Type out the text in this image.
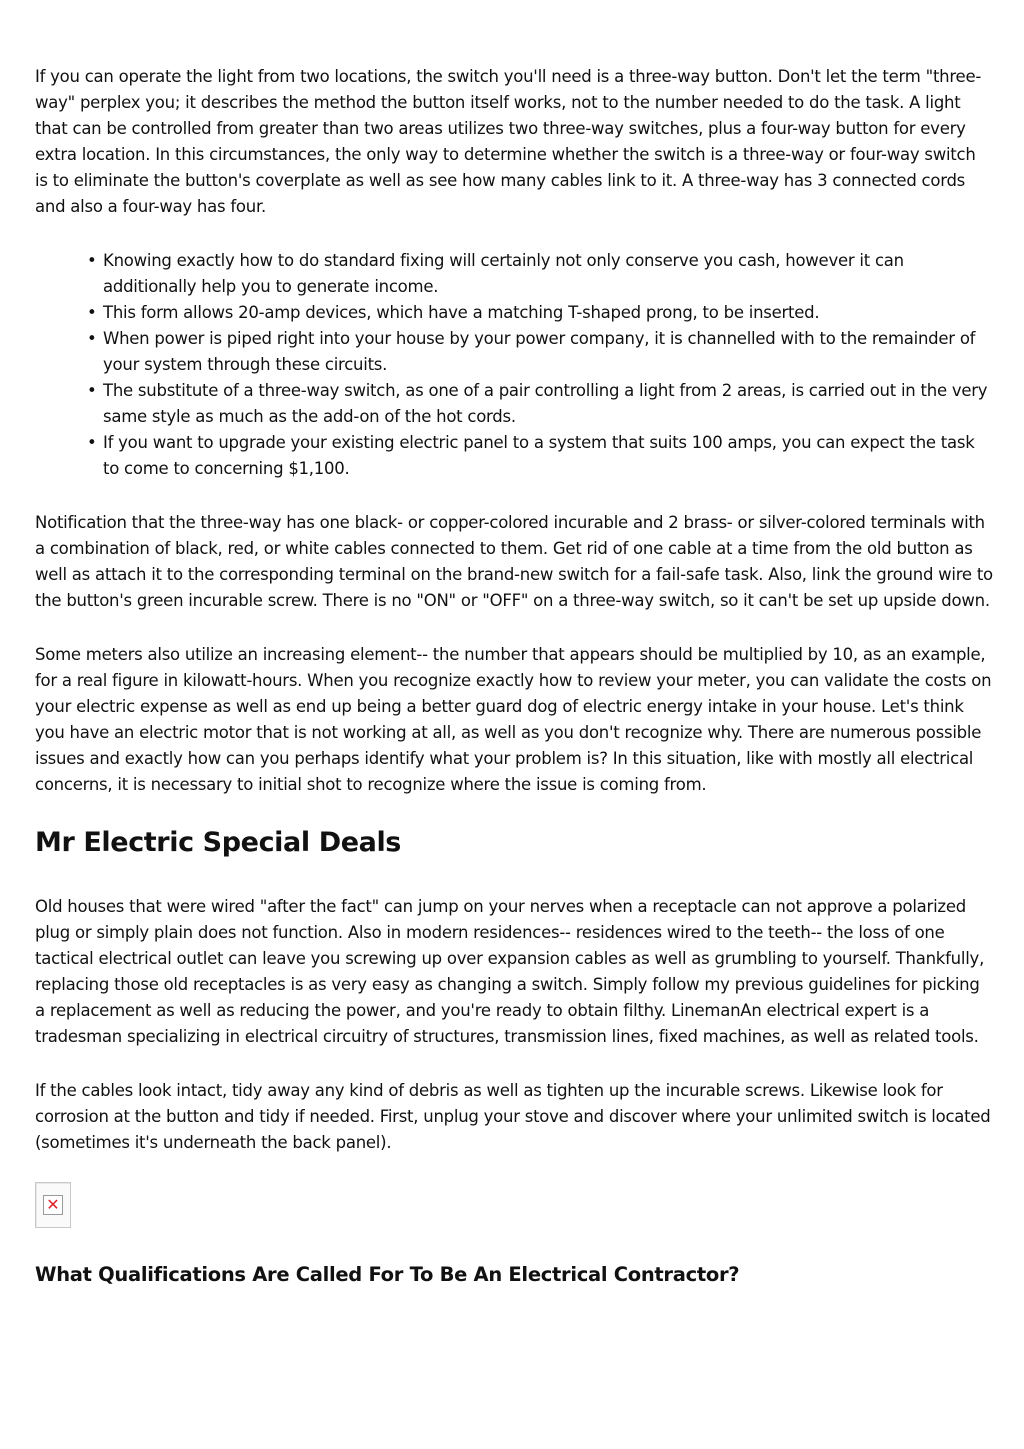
If you can operate the light from two locations, the switch you'll need is a three-way button. Don't let the term "three-way" perplex you; it describes the method the button itself works, not to the number needed to do the task. A light that can be controlled from greater than two areas utilizes two three-way switches, plus a four-way button for every extra location. In this circumstances, the only way to determine whether the switch is a three-way or four-way switch is to eliminate the button's coverplate as well as see how many cables link to it. A three-way has 3 connected cords and also a four-way has four.

• Knowing exactly how to do standard fixing will certainly not only conserve you cash, however it can additionally help you to generate income.
• This form allows 20-amp devices, which have a matching T-shaped prong, to be inserted.
• When power is piped right into your house by your power company, it is channelled with to the remainder of your system through these circuits.
• The substitute of a three-way switch, as one of a pair controlling a light from 2 areas, is carried out in the very same style as much as the add-on of the hot cords.
• If you want to upgrade your existing electric panel to a system that suits 100 amps, you can expect the task to come to concerning $1,100.

Notification that the three-way has one black- or copper-colored incurable and 2 brass- or silver-colored terminals with a combination of black, red, or white cables connected to them. Get rid of one cable at a time from the old button as well as attach it to the corresponding terminal on the brand-new switch for a fail-safe task. Also, link the ground wire to the button's green incurable screw. There is no "ON" or "OFF" on a three-way switch, so it can't be set up upside down.

Some meters also utilize an increasing element-- the number that appears should be multiplied by 10, as an example, for a real figure in kilowatt-hours. When you recognize exactly how to review your meter, you can validate the costs on your electric expense as well as end up being a better guard dog of electric energy intake in your house. Let's think you have an electric motor that is not working at all, as well as you don't recognize why. There are numerous possible issues and exactly how can you perhaps identify what your problem is? In this situation, like with mostly all electrical concerns, it is necessary to initial shot to recognize where the issue is coming from.

Mr Electric Special Deals

Old houses that were wired "after the fact" can jump on your nerves when a receptacle can not approve a polarized plug or simply plain does not function. Also in modern residences-- residences wired to the teeth-- the loss of one tactical electrical outlet can leave you screwing up over expansion cables as well as grumbling to yourself. Thankfully, replacing those old receptacles is as very easy as changing a switch. Simply follow my previous guidelines for picking a replacement as well as reducing the power, and you're ready to obtain filthy. LinemanAn electrical expert is a tradesman specializing in electrical circuitry of structures, transmission lines, fixed machines, as well as related tools.

If the cables look intact, tidy away any kind of debris as well as tighten up the incurable screws. Likewise look for corrosion at the button and tidy if needed. First, unplug your stove and discover where your unlimited switch is located (sometimes it's underneath the back panel).

✕
What Qualifications Are Called For To Be An Electrical Contractor?
